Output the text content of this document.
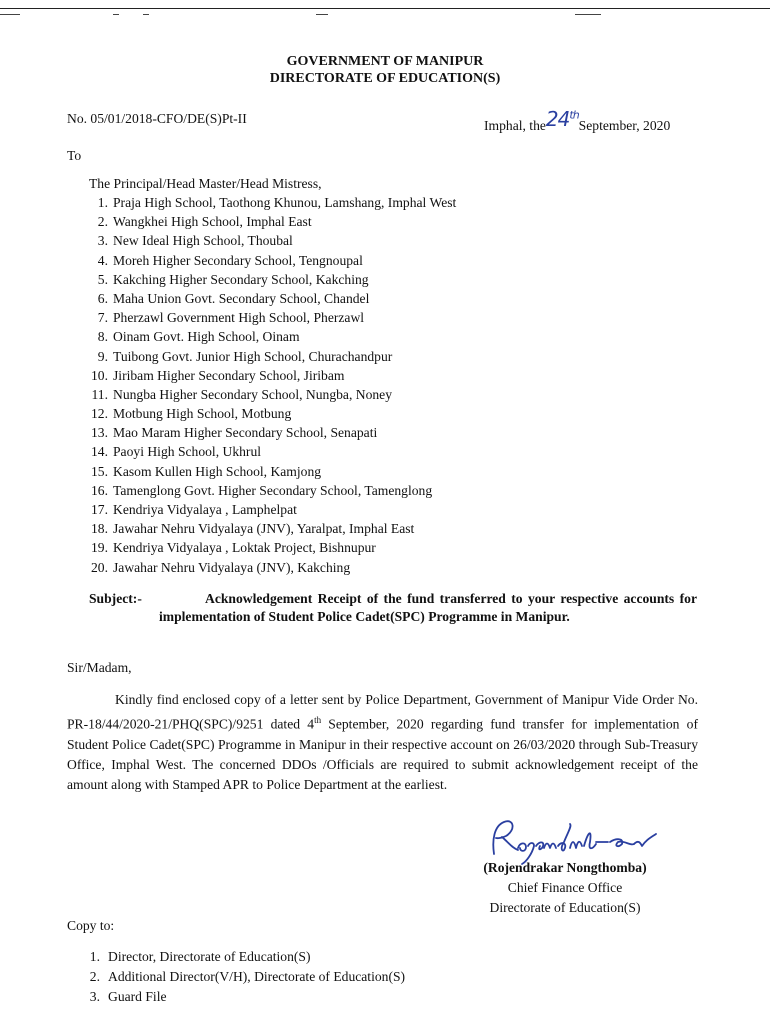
GOVERNMENT OF MANIPUR
DIRECTORATE OF EDUCATION(S)
No. 05/01/2018-CFO/DE(S)Pt-II	Imphal, the24thSeptember, 2020
To
The Principal/Head Master/Head Mistress,
1. Praja High School, Taothong Khunou, Lamshang, Imphal West
2. Wangkhei High School, Imphal East
3. New Ideal High School, Thoubal
4. Moreh Higher Secondary School, Tengnoupal
5. Kakching Higher Secondary School, Kakching
6. Maha Union Govt. Secondary School, Chandel
7. Pherzawl Government High School, Pherzawl
8. Oinam Govt. High School, Oinam
9. Tuibong Govt. Junior High School, Churachandpur
10. Jiribam Higher Secondary School, Jiribam
11. Nungba Higher Secondary School, Nungba, Noney
12. Motbung High School, Motbung
13. Mao Maram Higher Secondary School, Senapati
14. Paoyi High School, Ukhrul
15. Kasom Kullen High School, Kamjong
16. Tamenglong Govt. Higher Secondary School, Tamenglong
17. Kendriya Vidyalaya , Lamphelpat
18. Jawahar Nehru Vidyalaya (JNV), Yaralpat, Imphal East
19. Kendriya Vidyalaya , Loktak Project, Bishnupur
20. Jawahar Nehru Vidyalaya (JNV), Kakching
Subject:-	Acknowledgement Receipt of the fund transferred to your respective accounts for implementation of Student Police Cadet(SPC) Programme in Manipur.
Sir/Madam,
Kindly find enclosed copy of a letter sent by Police Department, Government of Manipur Vide Order No. PR-18/44/2020-21/PHQ(SPC)/9251 dated 4th September, 2020 regarding fund transfer for implementation of Student Police Cadet(SPC) Programme in Manipur in their respective account on 26/03/2020 through Sub-Treasury Office, Imphal West. The concerned DDOs /Officials are required to submit acknowledgement receipt of the amount along with Stamped APR to Police Department at the earliest.
(Rojendrakar Nongthomba)
Chief Finance Office
Directorate of Education(S)
Copy to:
1. Director, Directorate of Education(S)
2. Additional Director(V/H), Directorate of Education(S)
3. Guard File
